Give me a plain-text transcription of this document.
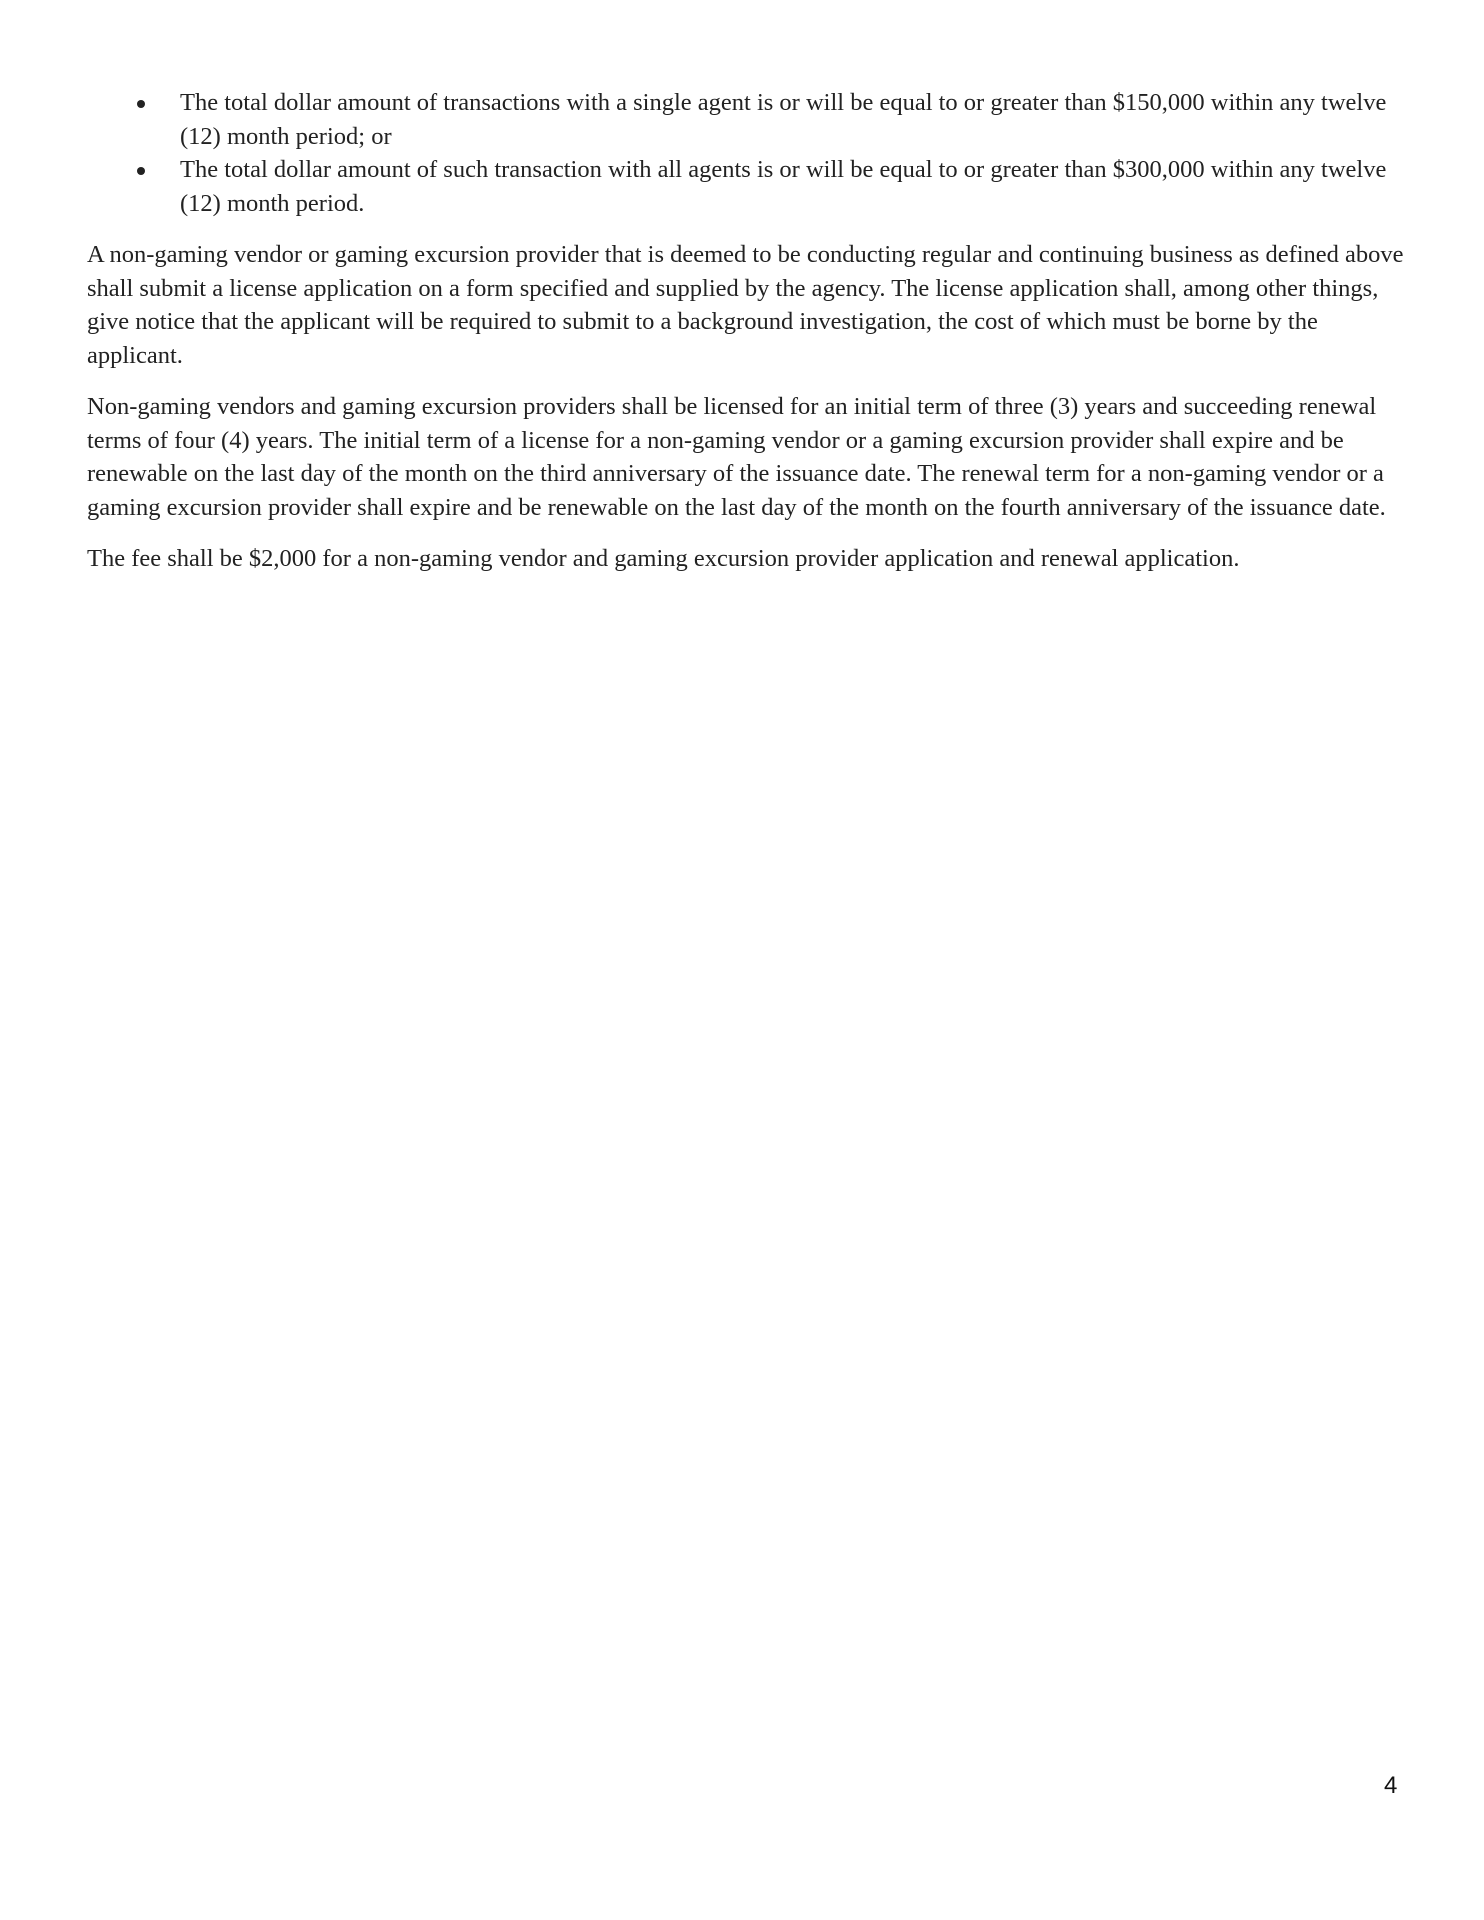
The total dollar amount of transactions with a single agent is or will be equal to or greater than $150,000 within any twelve (12) month period; or
The total dollar amount of such transaction with all agents is or will be equal to or greater than $300,000 within any twelve (12) month period.

A non-gaming vendor or gaming excursion provider that is deemed to be conducting regular and continuing business as defined above shall submit a license application on a form specified and supplied by the agency. The license application shall, among other things, give notice that the applicant will be required to submit to a background investigation, the cost of which must be borne by the applicant.

Non-gaming vendors and gaming excursion providers shall be licensed for an initial term of three (3) years and succeeding renewal terms of four (4) years. The initial term of a license for a non-gaming vendor or a gaming excursion provider shall expire and be renewable on the last day of the month on the third anniversary of the issuance date. The renewal term for a non-gaming vendor or a gaming excursion provider shall expire and be renewable on the last day of the month on the fourth anniversary of the issuance date.

The fee shall be $2,000 for a non-gaming vendor and gaming excursion provider application and renewal application.

4
